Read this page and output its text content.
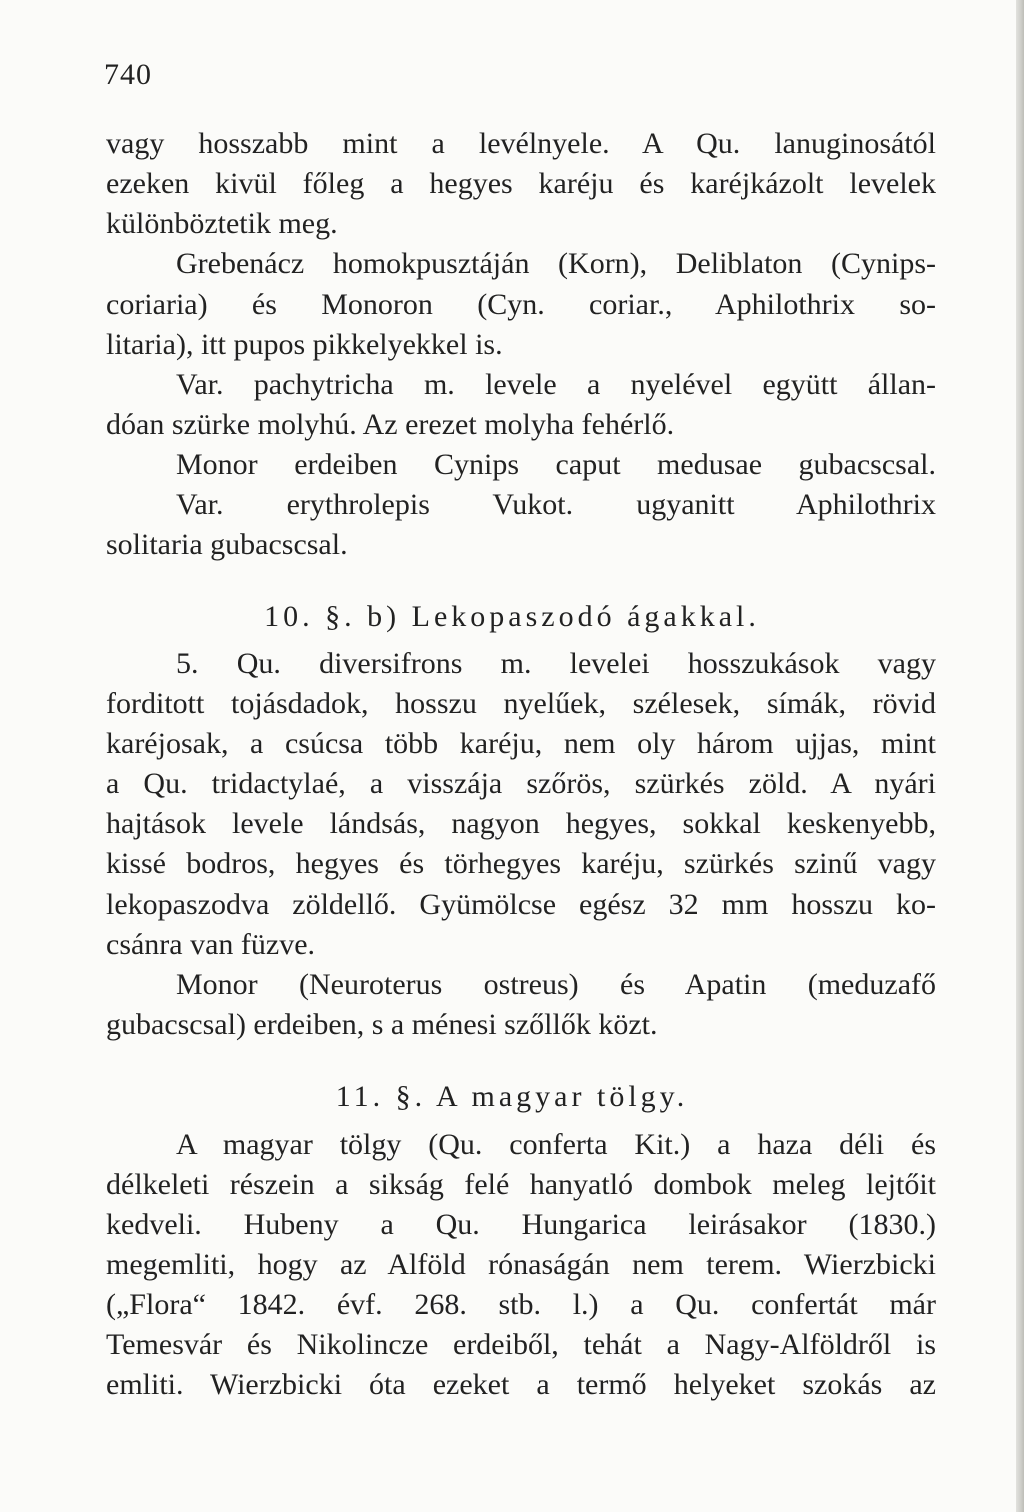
740
vagy hosszabb mint a levélnyele. A Qu. lanuginosától
ezeken kivül főleg a hegyes karéju és karéjkázolt levelek
különböztetik meg.
Grebenácz homokpusztáján (Korn), Deliblaton (Cynips-
coriaria) és Monoron (Cyn. coriar., Aphilothrix so-
litaria), itt pupos pikkelyekkel is.
Var. pachytricha m. levele a nyelével együtt állan-
dóan szürke molyhú. Az erezet molyha fehérlő.
Monor erdeiben Cynips caput medusae gubacscsal.
Var. erythrolepis Vukot. ugyanitt Aphilothrix
solitaria gubacscsal.
10. §. b) Lekopaszodó ágakkal.
5. Qu. diversifrons m. levelei hosszukások vagy
forditott tojásdadok, hosszu nyelűek, szélesek, símák, rövid
karéjosak, a csúcsa több karéju, nem oly három ujjas, mint
a Qu. tridactylaé, a visszája szőrös, szürkés zöld. A nyári
hajtások levele lándsás, nagyon hegyes, sokkal keskenyebb,
kissé bodros, hegyes és törhegyes karéju, szürkés szinű vagy
lekopaszodva zöldellő. Gyümölcse egész 32 mm hosszu ko-
csánra van füzve.
Monor (Neuroterus ostreus) és Apatin (meduzafő
gubacscsal) erdeiben, s a ménesi szőllők közt.
11. §. A magyar tölgy.
A magyar tölgy (Qu. conferta Kit.) a haza déli és
délkeleti részein a sikság felé hanyatló dombok meleg lejtőit
kedveli. Hubeny a Qu. Hungarica leirásakor (1830.)
megemliti, hogy az Alföld rónaságán nem terem. Wierzbicki
(„Flora“ 1842. évf. 268. stb. l.) a Qu. confertát már
Temesvár és Nikolincze erdeiből, tehát a Nagy-Alföldről is
emliti. Wierzbicki óta ezeket a termő helyeket szokás az
